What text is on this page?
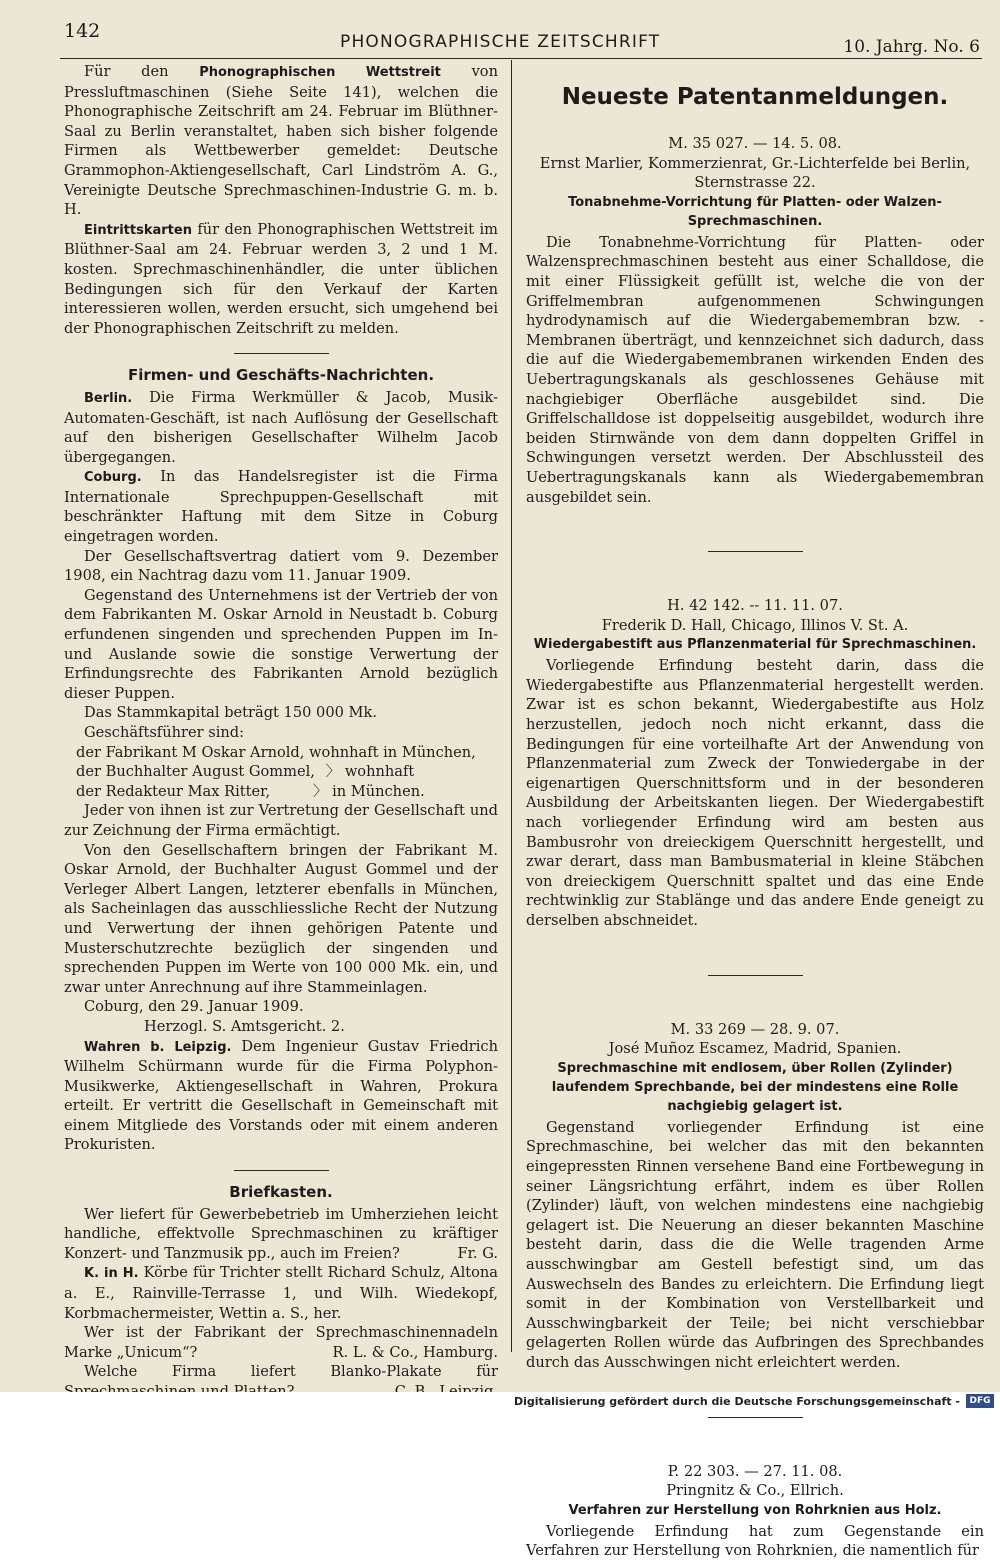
142	PHONOGRAPHISCHE ZEITSCHRIFT	10. Jahrg. No. 6

Für den Phonographischen Wettstreit von Pressluftmaschinen (Siehe Seite 141), welchen die Phonographische Zeitschrift am 24. Februar im Blüthner-Saal zu Berlin veranstaltet, haben sich bisher folgende Firmen als Wettbewerber gemeldet: Deutsche Grammophon-Aktiengesellschaft, Carl Lindström A. G., Vereinigte Deutsche Sprechmaschinen-Industrie G. m. b. H.

Eintrittskarten für den Phonographischen Wettstreit im Blüthner-Saal am 24. Februar werden 3, 2 und 1 M. kosten. Sprechmaschinenhändler, die unter üblichen Bedingungen sich für den Verkauf der Karten interessieren wollen, werden ersucht, sich umgehend bei der Phonographischen Zeitschrift zu melden.

Firmen- und Geschäfts-Nachrichten.

Berlin. Die Firma Werkmüller & Jacob, Musik-Automaten-Geschäft, ist nach Auflösung der Gesellschaft auf den bisherigen Gesellschafter Wilhelm Jacob übergegangen.

Coburg. In das Handelsregister ist die Firma Internationale Sprechpuppen-Gesellschaft mit beschränkter Haftung mit dem Sitze in Coburg eingetragen worden.

Der Gesellschaftsvertrag datiert vom 9. Dezember 1908, ein Nachtrag dazu vom 11. Januar 1909.

Gegenstand des Unternehmens ist der Vertrieb der von dem Fabrikanten M. Oskar Arnold in Neustadt b. Coburg erfundenen singenden und sprechenden Puppen im In- und Auslande sowie die sonstige Verwertung der Erfindungsrechte des Fabrikanten Arnold bezüglich dieser Puppen.

Das Stammkapital beträgt 150 000 Mk.

Geschäftsführer sind:

der Fabrikant M Oskar Arnold, wohnhaft in München,
der Buchhalter August Gommel, 〉 wohnhaft
der Redakteur Max Ritter,	〉 in München.

Jeder von ihnen ist zur Vertretung der Gesellschaft und zur Zeichnung der Firma ermächtigt.

Von den Gesellschaftern bringen der Fabrikant M. Oskar Arnold, der Buchhalter August Gommel und der Verleger Albert Langen, letzterer ebenfalls in München, als Sacheinlagen das ausschliessliche Recht der Nutzung und Verwertung der ihnen gehörigen Patente und Musterschutzrechte bezüglich der singenden und sprechenden Puppen im Werte von 100 000 Mk. ein, und zwar unter Anrechnung auf ihre Stammeinlagen.

Coburg, den 29. Januar 1909.

Herzogl. S. Amtsgericht. 2.

Wahren b. Leipzig. Dem Ingenieur Gustav Friedrich Wilhelm Schürmann wurde für die Firma Polyphon-Musikwerke, Aktiengesellschaft in Wahren, Prokura erteilt. Er vertritt die Gesellschaft in Gemeinschaft mit einem Mitgliede des Vorstands oder mit einem anderen Prokuristen.

Briefkasten.

Wer liefert für Gewerbebetrieb im Umherziehen leicht handliche, effektvolle Sprechmaschinen zu kräftiger Konzert- und Tanzmusik pp., auch im Freien?	Fr. G.

K. in H. Körbe für Trichter stellt Richard Schulz, Altona a. E., Rainville-Terrasse 1, und Wilh. Wiedekopf, Korbmachermeister, Wettin a. S., her.

Wer ist der Fabrikant der Sprechmaschinennadeln Marke „Unicum“?	R. L. & Co., Hamburg.

Welche Firma liefert Blanko-Plakate für

Neueste Patentanmeldungen.
M. 35 027. — 14. 5. 08.
Ernst Marlier, Kommerzienrat, Gr.-Lichterfelde bei Berlin, Sternstrasse 22.
Tonabnehme-Vorrichtung für Platten- oder Walzen-Sprechmaschinen.

Die Tonabnehme-Vorrichtung für Platten- oder Walzensprechmaschinen besteht aus einer Schalldose, die mit einer Flüssigkeit gefüllt ist, welche die von der Griffelmembran aufgenommenen Schwingungen hydrodynamisch auf die Wiedergabemembran bzw. -Membranen überträgt, und kennzeichnet sich dadurch, dass die auf die Wiedergabemembranen wirkenden Enden des Uebertragungskanals als geschlossenes Gehäuse mit nachgiebiger Oberfläche ausgebildet sind. Die Griffelschalldose ist doppelseitig ausgebildet, wodurch ihre beiden Stirnwände von dem dann doppelten Griffel in Schwingungen versetzt werden. Der Abschlussteil des Uebertragungskanals kann als Wiedergabemembran ausgebildet sein.

H. 42 142. -- 11. 11. 07.
Frederik D. Hall, Chicago, Illinos V. St. A.
Wiedergabestift aus Pflanzenmaterial für Sprechmaschinen.

Vorliegende Erfindung besteht darin, dass die Wiedergabestifte aus Pflanzenmaterial hergestellt werden. Zwar ist es schon bekannt, Wiedergabestifte aus Holz herzustellen, jedoch noch nicht erkannt, dass die Bedingungen für eine vorteilhafte Art der Anwendung von Pflanzenmaterial zum Zweck der Tonwiedergabe in der eigenartigen Querschnittsform und in der besonderen Ausbildung der Arbeitskanten liegen. Der Wiedergabestift nach vorliegender Erfindung wird am besten aus Bambusrohr von dreieckigem Querschnitt hergestellt, und zwar derart, dass man Bambusmaterial in kleine Stäbchen von dreieckigem Querschnitt spaltet und das eine Ende rechtwinklig zur Stablänge und das andere Ende geneigt zu derselben abschneidet.

M. 33 269 — 28. 9. 07.
José Muñoz Escamez, Madrid, Spanien.
Sprechmaschine mit endlosem, über Rollen (Zylinder) laufendem Sprechbande, bei der mindestens eine Rolle nachgiebig gelagert ist.

Gegenstand vorliegender Erfindung ist eine Sprechmaschine, bei welcher das mit den bekannten eingepressten Rinnen versehene Band eine Fortbewegung in seiner Längsrichtung erfährt, indem es über Rollen (Zylinder) läuft, von welchen mindestens eine nachgiebig gelagert ist. Die Neuerung an dieser bekannten Maschine besteht darin, dass die die Welle tragenden Arme ausschwingbar am Gestell befestigt sind, um das Auswechseln des Bandes zu erleichtern. Die Erfindung liegt somit in der Kombination von Verstellbarkeit und Ausschwingbarkeit der Teile; bei nicht verschiebbar gelagerten Rollen würde das Aufbringen des Sprechbandes durch das Ausschwingen nicht erleichtert werden.

P. 22 303. — 27. 11. 08.
Pringnitz & Co., Ellrich.
Verfahren zur Herstellung von Rohrknien aus Holz.

Vorliegende Erfindung hat zum Gegenstande ein Verfahren zur Herstellung von Rohrknien, die namentlich für

Digitalisierung gefördert durch die Deutsche Forschungsgemeinschaft -	DFG
